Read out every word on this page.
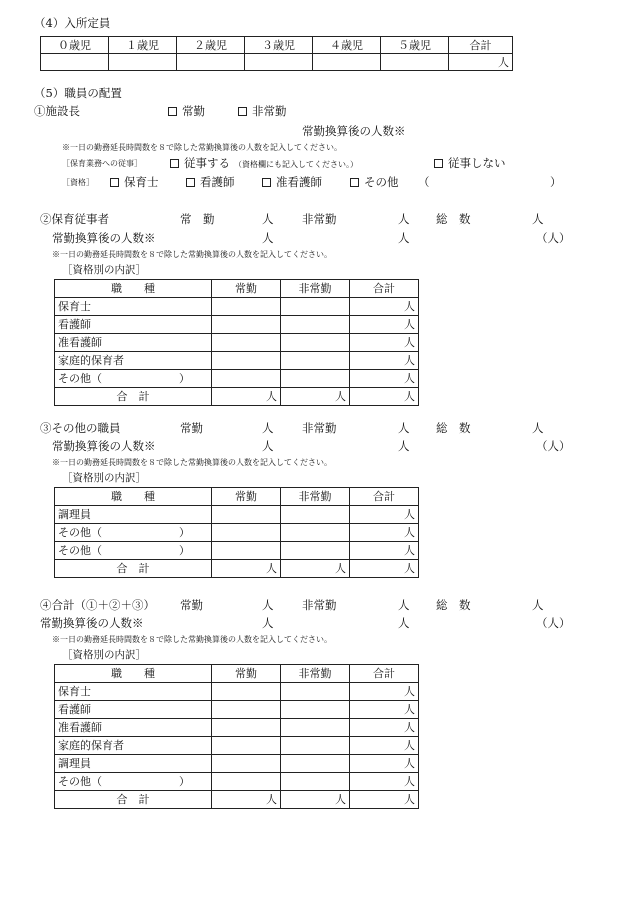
（4）入所定員
０歳児	１歳児	２歳児	３歳児	４歳児	５歳児	合計
						人
（5）職員の配置
①施設長	常勤	非常勤
常勤換算後の人数※
※一日の勤務延長時間数を８で除した常勤換算後の人数を記入してください。
［保育業務への従事］	従事する （資格欄にも記入してください。）	従事しない
［資格］	保育士	看護師	准看護師	その他 （	）
②保育従事者	常　勤	人 非常勤	人 総　数	人
常勤換算後の人数※	人	人	（人）
※一日の勤務延長時間数を８で除した常勤換算後の人数を記入してください。
［資格別の内訳］
職　　種	常勤	非常勤	合計
保育士			人
看護師			人
准看護師			人
家庭的保育者			人
その他（　　　　　　　）			人
合　計	人	人	人
③その他の職員	常勤	人 非常勤	人 総　数	人
常勤換算後の人数※	人	人	（人）
※一日の勤務延長時間数を８で除した常勤換算後の人数を記入してください。
［資格別の内訳］
職　　種	常勤	非常勤	合計
調理員			人
その他（　　　　　　　）			人
その他（　　　　　　　）			人
合　計	人	人	人
④合計（①＋②＋③） 常勤	人 非常勤	人 総　数	人
常勤換算後の人数※	人	人	（人）
※一日の勤務延長時間数を８で除した常勤換算後の人数を記入してください。
［資格別の内訳］
職　　種	常勤	非常勤	合計
保育士			人
看護師			人
准看護師			人
家庭的保育者			人
調理員			人
その他（　　　　　　　）			人
合　計	人	人	人
